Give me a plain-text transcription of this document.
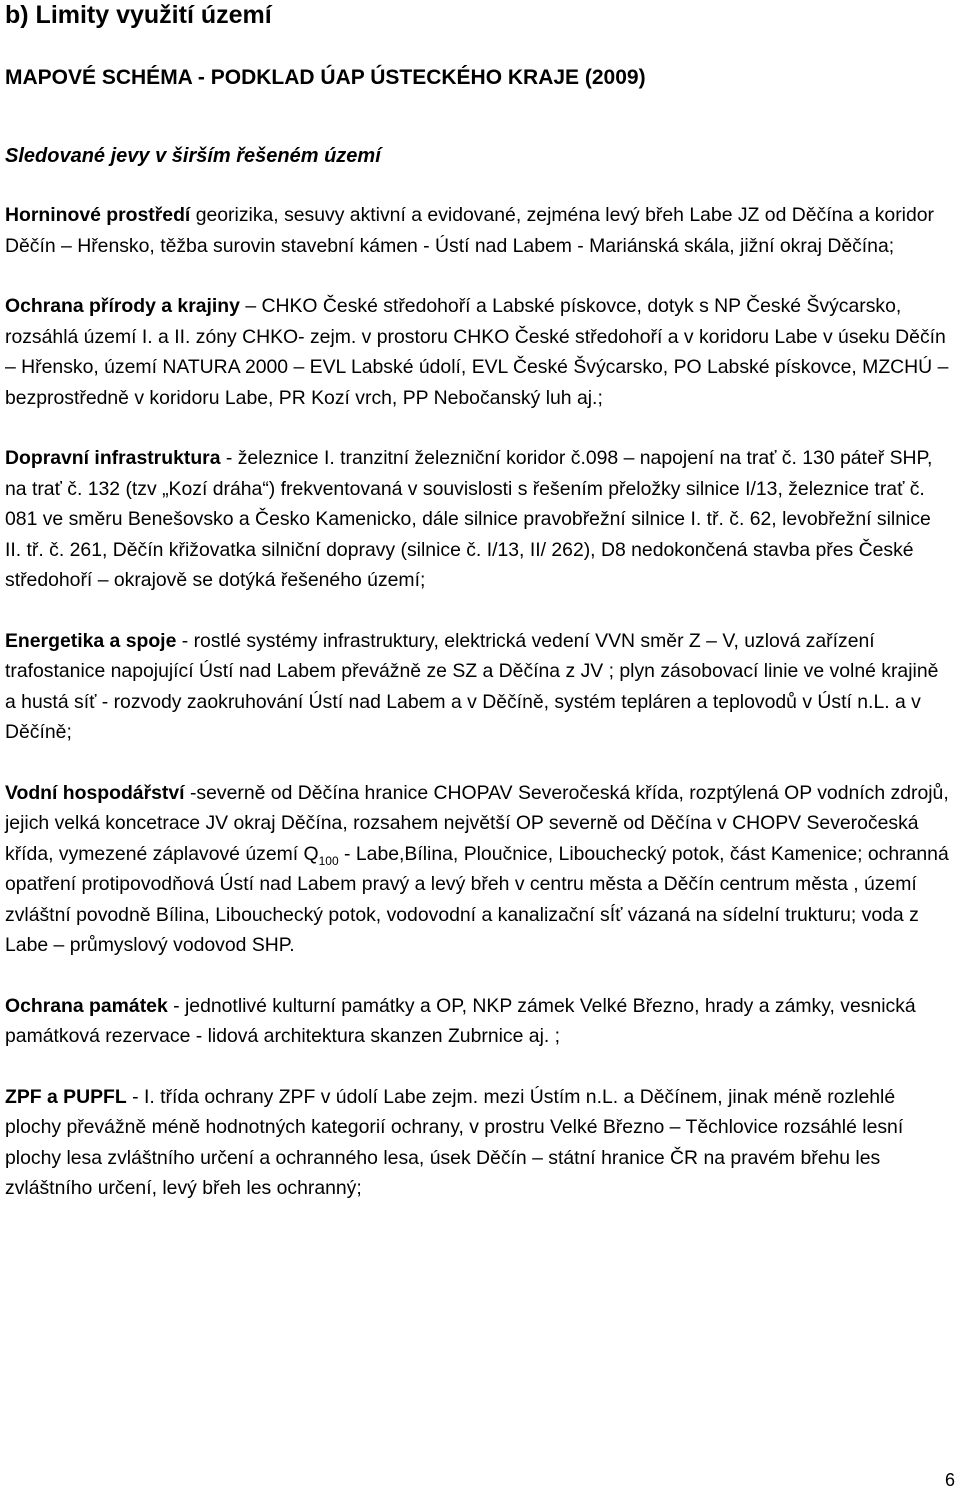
b) Limity využití území
MAPOVÉ SCHÉMA - PODKLAD ÚAP ÚSTECKÉHO KRAJE (2009)
Sledované jevy v širším řešeném území

Horninové prostředí georizika, sesuvy aktivní a evidované, zejména levý břeh Labe JZ od Děčína a koridor Děčín – Hřensko, těžba surovin stavební kámen - Ústí nad Labem - Mariánská skála, jižní okraj Děčína;

Ochrana přírody a krajiny – CHKO České středohoří a Labské pískovce, dotyk s NP České Švýcarsko, rozsáhlá území I. a II. zóny CHKO- zejm. v prostoru CHKO České středohoří a v koridoru Labe v úseku Děčín – Hřensko, území NATURA 2000 – EVL Labské údolí, EVL České Švýcarsko, PO Labské pískovce, MZCHÚ – bezprostředně v koridoru Labe, PR Kozí vrch, PP Nebočanský luh aj.;

Dopravní infrastruktura - železnice I. tranzitní železniční koridor č.098 – napojení na trať č. 130 páteř SHP, na trať č. 132 (tzv „Kozí dráha“) frekventovaná v souvislosti s řešením přeložky silnice I/13, železnice trať č. 081 ve směru Benešovsko a Česko Kamenicko, dále silnice pravobřežní silnice I. tř. č. 62, levobřežní silnice II. tř. č. 261, Děčín křižovatka silniční dopravy (silnice č. I/13, II/ 262), D8 nedokončená stavba přes České středohoří – okrajově se dotýká řešeného území;

Energetika a spoje - rostlé systémy infrastruktury, elektrická vedení VVN směr Z – V, uzlová zařízení trafostanice napojující Ústí nad Labem převážně ze SZ a Děčína z JV ; plyn zásobovací linie ve volné krajině a hustá síť - rozvody zaokruhování Ústí nad Labem a v Děčíně, systém tepláren a teplovodů v Ústí n.L. a v Děčíně;

Vodní hospodářství -severně od Děčína hranice CHOPAV Severočeská křída, rozptýlená OP vodních zdrojů, jejich velká koncetrace JV okraj Děčína, rozsahem největší OP severně od Děčína v CHOPV Severočeská křída, vymezené záplavové území $Q_{100}$ - Labe,Bílina, Ploučnice, Libouchecký potok, část Kamenice; ochranná opatření protipovodňová Ústí nad Labem pravý a levý břeh v centru města a Děčín centrum města , území zvláštní povodně Bílina, Libouchecký potok, vodovodní a kanalizační sÍť vázaná na sídelní trukturu; voda z Labe – průmyslový vodovod SHP.

Ochrana památek - jednotlivé kulturní památky a OP, NKP zámek Velké Březno, hrady a zámky, vesnická památková rezervace - lidová architektura skanzen Zubrnice aj. ;

ZPF a PUPFL - I. třída ochrany ZPF v údolí Labe zejm. mezi Ústím n.L. a Děčínem, jinak méně rozlehlé plochy převážně méně hodnotných kategorií ochrany, v prostru Velké Březno – Těchlovice rozsáhlé lesní plochy lesa zvláštního určení a ochranného lesa, úsek Děčín – státní hranice ČR na pravém břehu les zvláštního určení, levý břeh les ochranný;

6
